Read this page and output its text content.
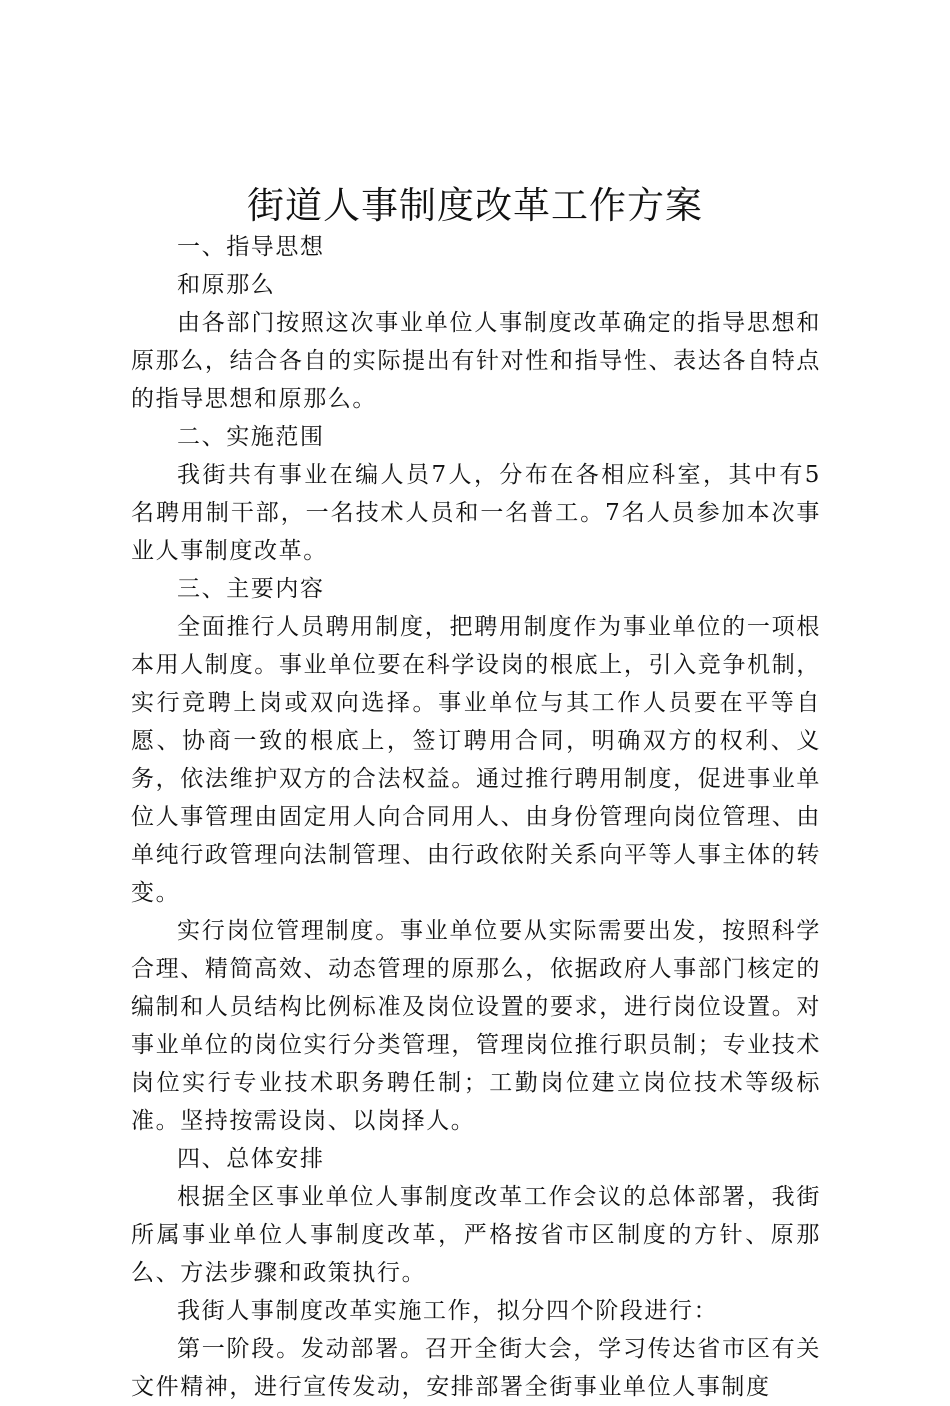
街道人事制度改革工作方案

一、指导思想

和原那么

由各部门按照这次事业单位人事制度改革确定的指导思想和原那么，结合各自的实际提出有针对性和指导性、表达各自特点的指导思想和原那么。

二、实施范围

我街共有事业在编人员7人，分布在各相应科室，其中有5名聘用制干部，一名技术人员和一名普工。7名人员参加本次事业人事制度改革。

三、主要内容

全面推行人员聘用制度，把聘用制度作为事业单位的一项根本用人制度。事业单位要在科学设岗的根底上，引入竞争机制，实行竞聘上岗或双向选择。事业单位与其工作人员要在平等自愿、协商一致的根底上，签订聘用合同，明确双方的权利、义务，依法维护双方的合法权益。通过推行聘用制度，促进事业单位人事管理由固定用人向合同用人、由身份管理向岗位管理、由单纯行政管理向法制管理、由行政依附关系向平等人事主体的转变。

实行岗位管理制度。事业单位要从实际需要出发，按照科学合理、精简高效、动态管理的原那么，依据政府人事部门核定的编制和人员结构比例标准及岗位设置的要求，进行岗位设置。对事业单位的岗位实行分类管理，管理岗位推行职员制；专业技术岗位实行专业技术职务聘任制；工勤岗位建立岗位技术等级标准。坚持按需设岗、以岗择人。

四、总体安排

根据全区事业单位人事制度改革工作会议的总体部署，我街所属事业单位人事制度改革，严格按省市区制度的方针、原那么、方法步骤和政策执行。

我街人事制度改革实施工作，拟分四个阶段进行：

第一阶段。发动部署。召开全街大会，学习传达省市区有关文件精神，进行宣传发动，安排部署全街事业单位人事制度
